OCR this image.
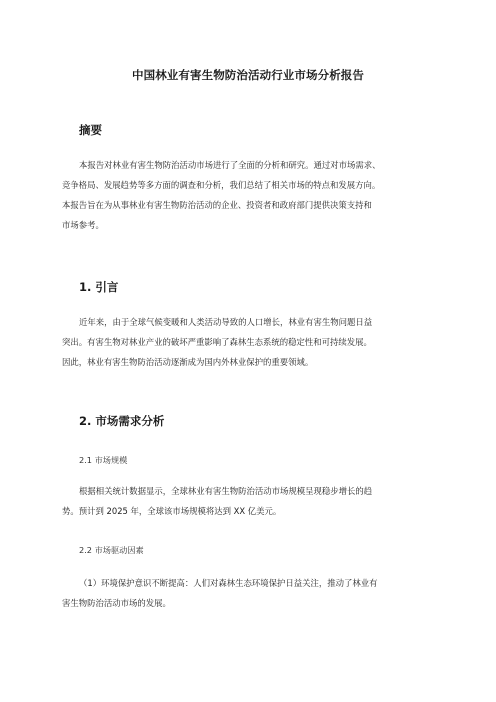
中国林业有害生物防治活动行业市场分析报告
摘要
本报告对林业有害生物防治活动市场进行了全面的分析和研究。通过对市场需求、
竞争格局、发展趋势等多方面的调查和分析，我们总结了相关市场的特点和发展方向。
本报告旨在为从事林业有害生物防治活动的企业、投资者和政府部门提供决策支持和
市场参考。
1. 引言
近年来，由于全球气候变暖和人类活动导致的人口增长，林业有害生物问题日益
突出。有害生物对林业产业的破坏严重影响了森林生态系统的稳定性和可持续发展。
因此，林业有害生物防治活动逐渐成为国内外林业保护的重要领域。
2. 市场需求分析
2.1 市场规模
根据相关统计数据显示，全球林业有害生物防治活动市场规模呈现稳步增长的趋
势。预计到 2025 年，全球该市场规模将达到 XX 亿美元。
2.2 市场驱动因素
（1）环境保护意识不断提高：人们对森林生态环境保护日益关注，推动了林业有
害生物防治活动市场的发展。
